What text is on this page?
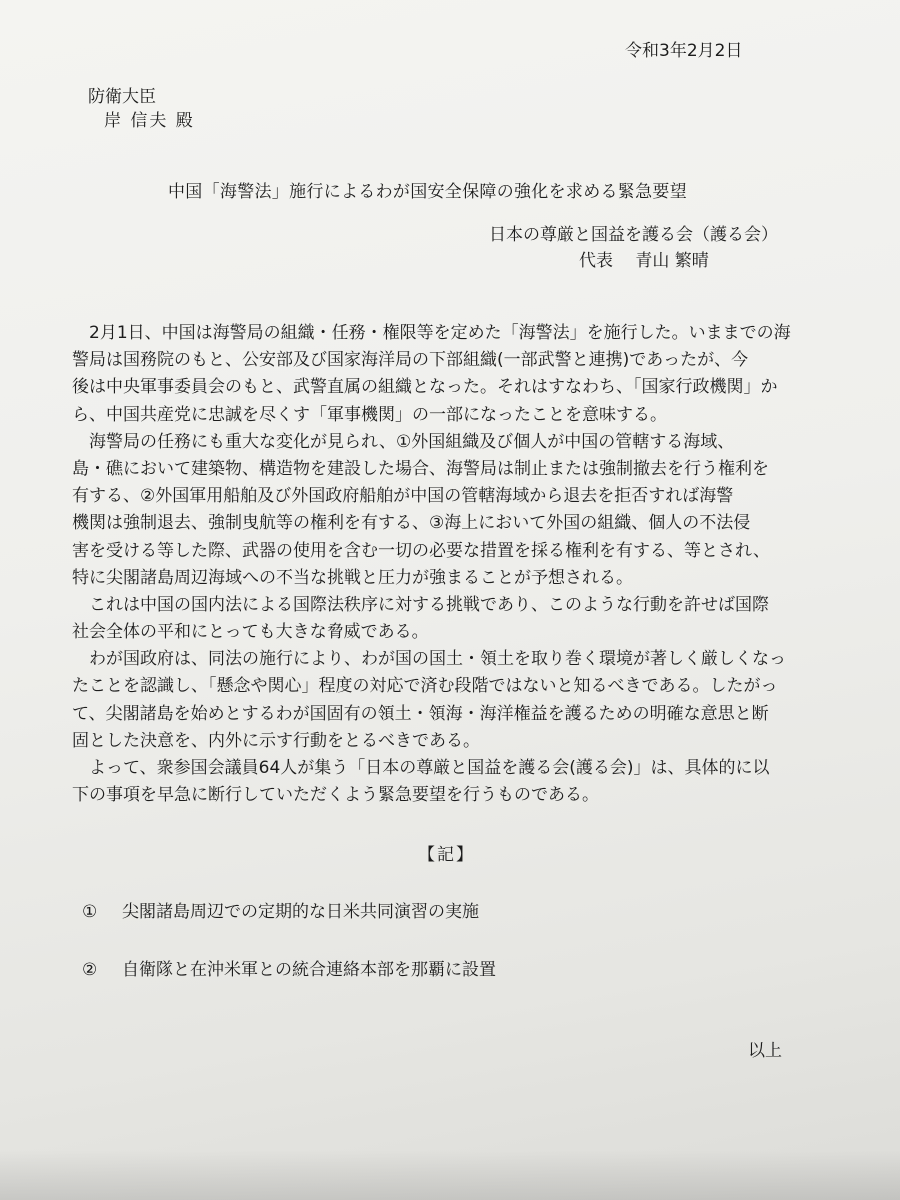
令和3年2月2日
防衛大臣
岸 信夫 殿
中国「海警法」施行によるわが国安全保障の強化を求める緊急要望
日本の尊厳と国益を護る会（護る会）
代表　 青山 繁晴
　2月1日、中国は海警局の組織・任務・権限等を定めた「海警法」を施行した。いままでの海
警局は国務院のもと、公安部及び国家海洋局の下部組織(一部武警と連携)であったが、今
後は中央軍事委員会のもと、武警直属の組織となった。それはすなわち、「国家行政機関」か
ら、中国共産党に忠誠を尽くす「軍事機関」の一部になったことを意味する。
　海警局の任務にも重大な変化が見られ、①外国組織及び個人が中国の管轄する海域、
島・礁において建築物、構造物を建設した場合、海警局は制止または強制撤去を行う権利を
有する、②外国軍用船舶及び外国政府船舶が中国の管轄海域から退去を拒否すれば海警
機関は強制退去、強制曳航等の権利を有する、③海上において外国の組織、個人の不法侵
害を受ける等した際、武器の使用を含む一切の必要な措置を採る権利を有する、等とされ、
特に尖閣諸島周辺海域への不当な挑戦と圧力が強まることが予想される。
　これは中国の国内法による国際法秩序に対する挑戦であり、このような行動を許せば国際
社会全体の平和にとっても大きな脅威である。
　わが国政府は、同法の施行により、わが国の国土・領土を取り巻く環境が著しく厳しくなっ
たことを認識し、「懸念や関心」程度の対応で済む段階ではないと知るべきである。したがっ
て、尖閣諸島を始めとするわが国固有の領土・領海・海洋権益を護るための明確な意思と断
固とした決意を、内外に示す行動をとるべきである。
　よって、衆参国会議員64人が集う「日本の尊厳と国益を護る会(護る会)」は、具体的に以
下の事項を早急に断行していただくよう緊急要望を行うものである。
【記】
① 尖閣諸島周辺での定期的な日米共同演習の実施
② 自衛隊と在沖米軍との統合連絡本部を那覇に設置
以上
